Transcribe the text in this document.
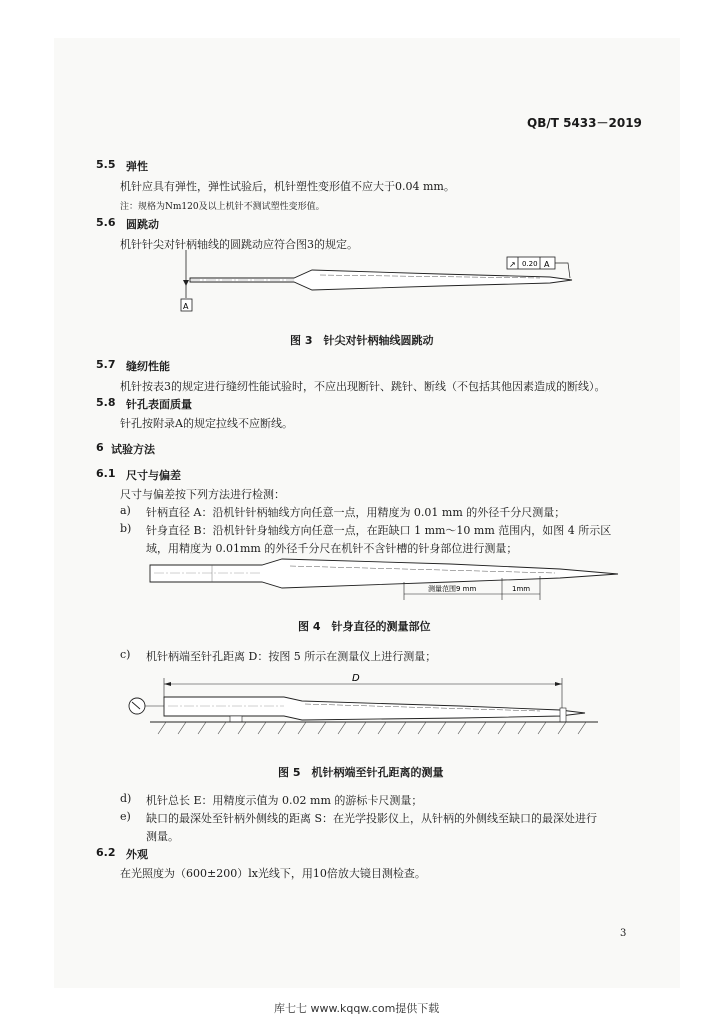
QB/T 5433－2019
5.5 弹性
机针应具有弹性，弹性试验后，机针塑性变形值不应大于0.04 mm。
注：规格为Nm120及以上机针不测试塑性变形值。
5.6 圆跳动
机针针尖对针柄轴线的圆跳动应符合图3的规定。
↗ 0.20 A
A
图 3　针尖对针柄轴线圆跳动
5.7 缝纫性能
机针按表3的规定进行缝纫性能试验时，不应出现断针、跳针、断线（不包括其他因素造成的断线）。
5.8 针孔表面质量
针孔按附录A的规定拉线不应断线。
6 试验方法
6.1 尺寸与偏差
尺寸与偏差按下列方法进行检测：
a) 针柄直径 A：沿机针针柄轴线方向任意一点，用精度为 0.01 mm 的外径千分尺测量；
b) 针身直径 B：沿机针针身轴线方向任意一点，在距缺口 1 mm～10 mm 范围内，如图 4 所示区
域，用精度为 0.01mm 的外径千分尺在机针不含针槽的针身部位进行测量；
测量范围9 mm	1mm
图 4　针身直径的测量部位
c) 机针柄端至针孔距离 D：按图 5 所示在测量仪上进行测量；
D
图 5　机针柄端至针孔距离的测量
d) 机针总长 E：用精度示值为 0.02 mm 的游标卡尺测量；
e) 缺口的最深处至针柄外侧线的距离 S：在光学投影仪上，从针柄的外侧线至缺口的最深处进行
测量。
6.2 外观
在光照度为（600±200）lx光线下，用10倍放大镜目测检查。
3
库七七 www.kqqw.com提供下载
